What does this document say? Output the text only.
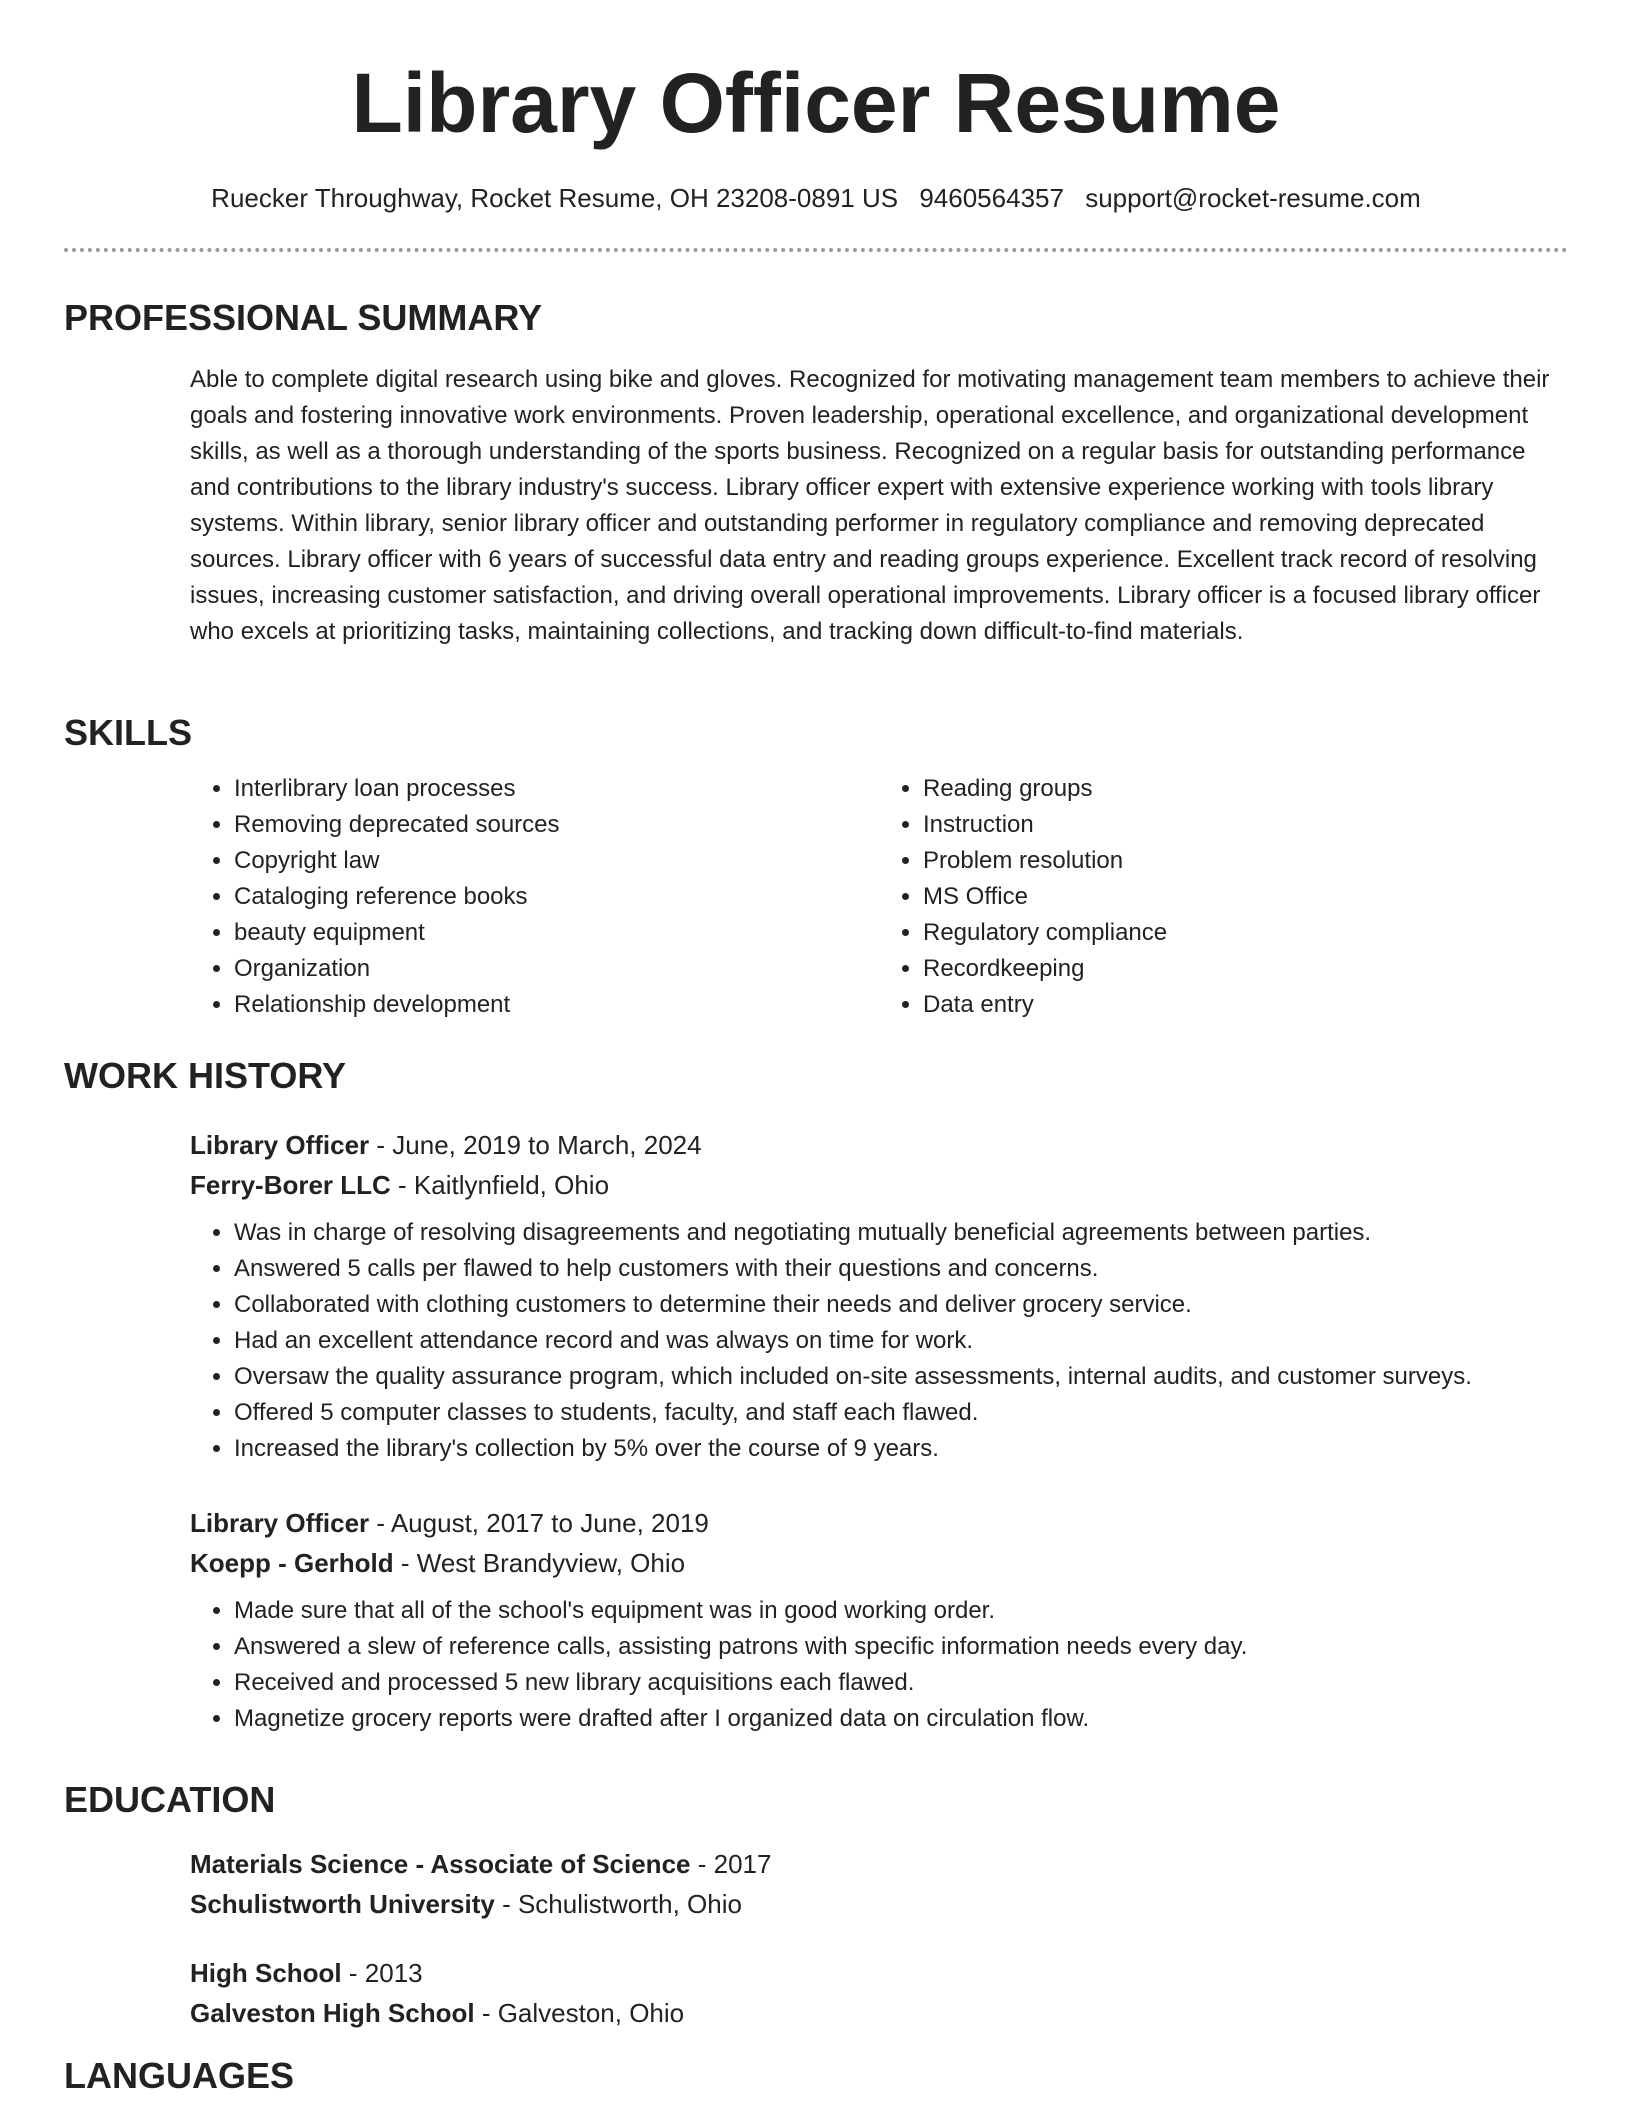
Library Officer Resume
Ruecker Throughway, Rocket Resume, OH 23208-0891 US 9460564357 support@rocket-resume.com
PROFESSIONAL SUMMARY

Able to complete digital research using bike and gloves. Recognized for motivating management team members to achieve their goals and fostering innovative work environments. Proven leadership, operational excellence, and organizational development skills, as well as a thorough understanding of the sports business. Recognized on a regular basis for outstanding performance and contributions to the library industry's success. Library officer expert with extensive experience working with tools library systems. Within library, senior library officer and outstanding performer in regulatory compliance and removing deprecated sources. Library officer with 6 years of successful data entry and reading groups experience. Excellent track record of resolving issues, increasing customer satisfaction, and driving overall operational improvements. Library officer is a focused library officer who excels at prioritizing tasks, maintaining collections, and tracking down difficult-to-find materials.

SKILLS
• Interlibrary loan processes
• Removing deprecated sources
• Copyright law
• Cataloging reference books
• beauty equipment
• Organization
• Relationship development
• Reading groups
• Instruction
• Problem resolution
• MS Office
• Regulatory compliance
• Recordkeeping
• Data entry
WORK HISTORY
Library Officer - June, 2019 to March, 2024
Ferry-Borer LLC - Kaitlynfield, Ohio
• Was in charge of resolving disagreements and negotiating mutually beneficial agreements between parties.
• Answered 5 calls per flawed to help customers with their questions and concerns.
• Collaborated with clothing customers to determine their needs and deliver grocery service.
• Had an excellent attendance record and was always on time for work.
• Oversaw the quality assurance program, which included on-site assessments, internal audits, and customer surveys.
• Offered 5 computer classes to students, faculty, and staff each flawed.
• Increased the library's collection by 5% over the course of 9 years.
Library Officer - August, 2017 to June, 2019
Koepp - Gerhold - West Brandyview, Ohio
• Made sure that all of the school's equipment was in good working order.
• Answered a slew of reference calls, assisting patrons with specific information needs every day.
• Received and processed 5 new library acquisitions each flawed.
• Magnetize grocery reports were drafted after I organized data on circulation flow.
EDUCATION
Materials Science - Associate of Science - 2017
Schulistworth University - Schulistworth, Ohio
High School - 2013
Galveston High School - Galveston, Ohio
LANGUAGES
